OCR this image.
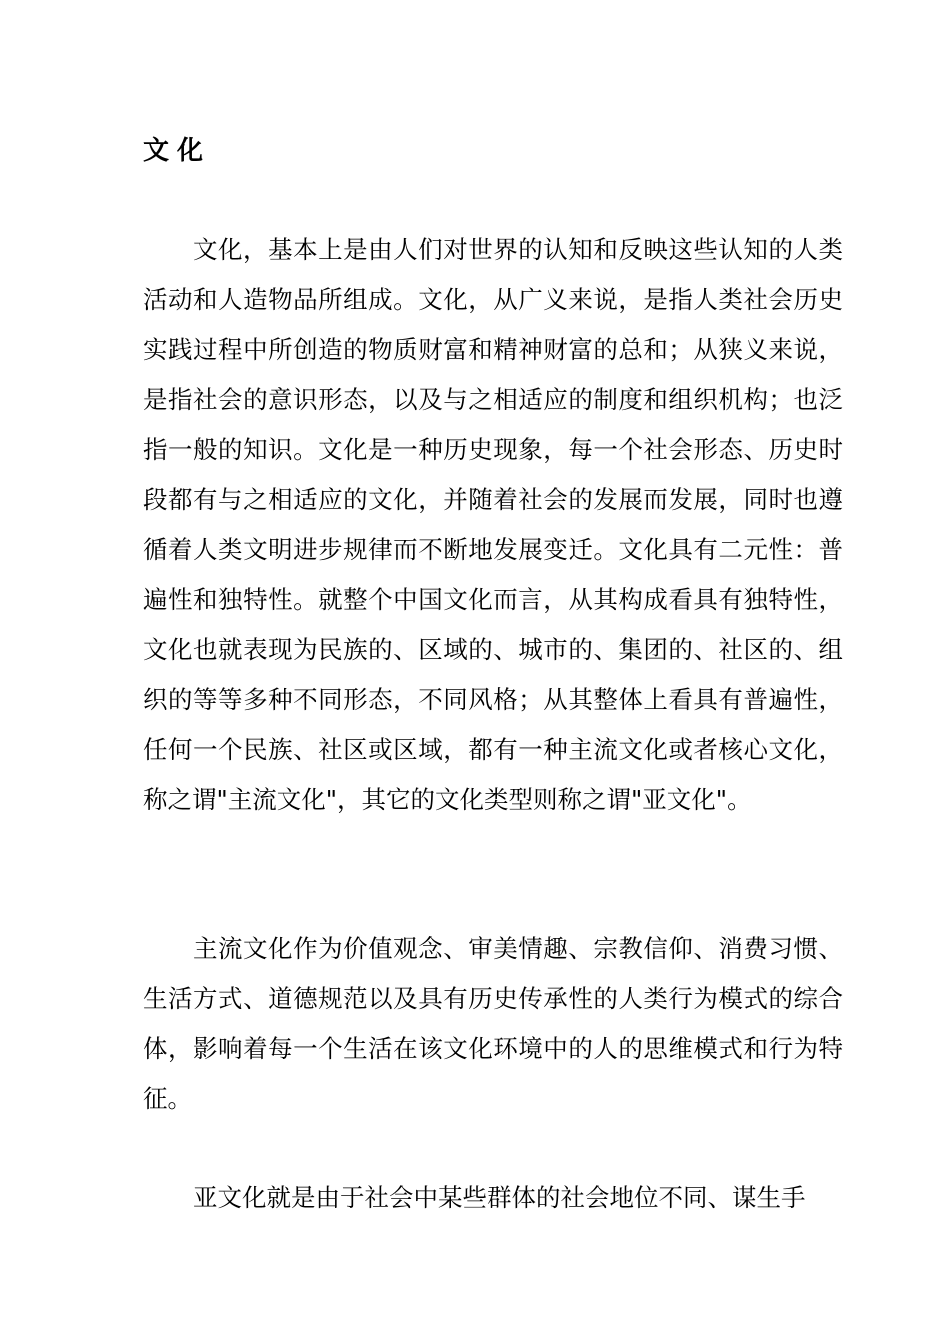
文化

文化，基本上是由人们对世界的认知和反映这些认知的人类活动和人造物品所组成。文化，从广义来说，是指人类社会历史实践过程中所创造的物质财富和精神财富的总和；从狭义来说，是指社会的意识形态，以及与之相适应的制度和组织机构；也泛指一般的知识。文化是一种历史现象，每一个社会形态、历史时段都有与之相适应的文化，并随着社会的发展而发展，同时也遵循着人类文明进步规律而不断地发展变迁。文化具有二元性：普遍性和独特性。就整个中国文化而言，从其构成看具有独特性，文化也就表现为民族的、区域的、城市的、集团的、社区的、组织的等等多种不同形态，不同风格；从其整体上看具有普遍性，任何一个民族、社区或区域，都有一种主流文化或者核心文化，称之谓"主流文化"，其它的文化类型则称之谓"亚文化"。

主流文化作为价值观念、审美情趣、宗教信仰、消费习惯、生活方式、道德规范以及具有历史传承性的人类行为模式的综合体，影响着每一个生活在该文化环境中的人的思维模式和行为特征。

亚文化就是由于社会中某些群体的社会地位不同、谋生手
